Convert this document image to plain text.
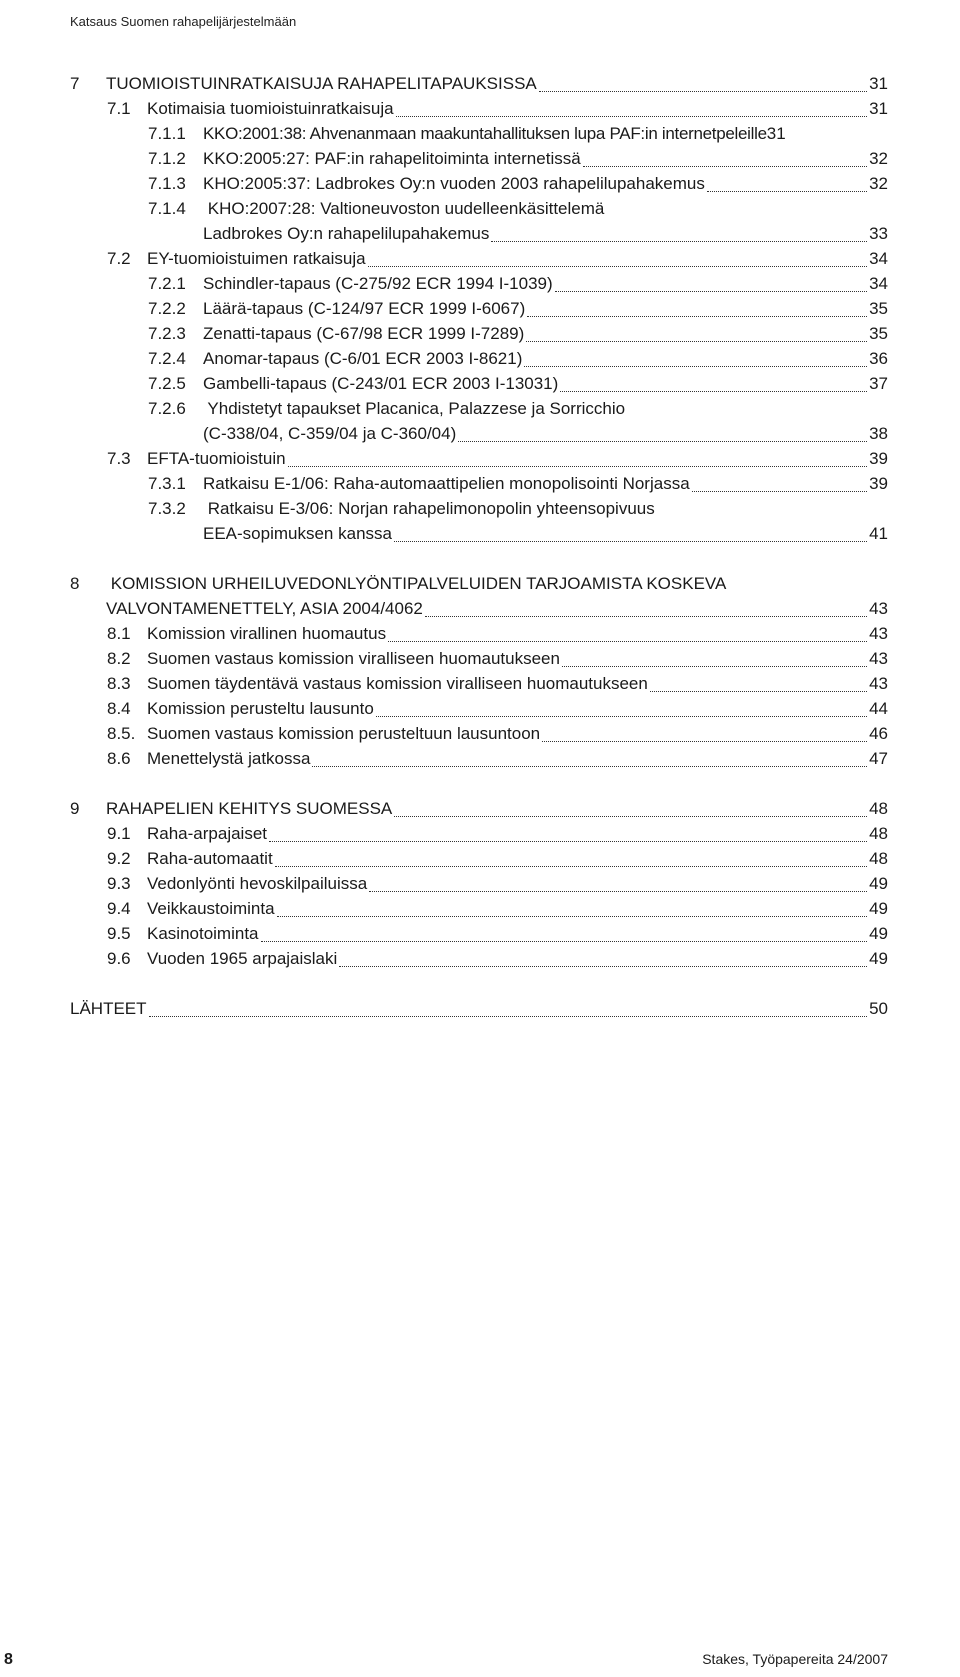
Katsaus Suomen rahapelijärjestelmään
7	TUOMIOISTUINRATKAISUJA RAHAPELITAPAUKSISSA	31
7.1 Kotimaisia tuomioistuinratkaisuja	31
7.1.1	KKO:2001:38: Ahvenanmaan maakuntahallituksen lupa PAF:in internetpeleille 31
7.1.2	KKO:2005:27: PAF:in rahapelitoiminta internetissä	32
7.1.3	KHO:2005:37: Ladbrokes Oy:n vuoden 2003 rahapelilupahakemus	32
7.1.4 KHO:2007:28: Valtioneuvoston uudelleenkäsittelemä
Ladbrokes Oy:n rahapelilupahakemus	33
7.2 EY-tuomioistuimen ratkaisuja	34
7.2.1	Schindler-tapaus (C-275/92 ECR 1994 I-1039)	34
7.2.2	Läärä-tapaus (C-124/97 ECR 1999 I-6067)	35
7.2.3	Zenatti-tapaus (C-67/98 ECR 1999 I-7289)	35
7.2.4	Anomar-tapaus (C-6/01 ECR 2003 I-8621)	36
7.2.5	Gambelli-tapaus (C-243/01 ECR 2003 I-13031)	37
7.2.6 Yhdistetyt tapaukset Placanica, Palazzese ja Sorricchio
(C-338/04, C-359/04 ja C-360/04)	38
7.3 EFTA-tuomioistuin	39
7.3.1	Ratkaisu E-1/06: Raha-automaattipelien monopolisointi Norjassa	39
7.3.2 Ratkaisu E-3/06: Norjan rahapelimonopolin yhteensopivuus
EEA-sopimuksen kanssa	41
8 KOMISSION URHEILUVEDONLYÖNTIPALVELUIDEN TARJOAMISTA KOSKEVA
VALVONTAMENETTELY, ASIA 2004/4062	43
8.1 Komission virallinen huomautus	43
8.2 Suomen vastaus komission viralliseen huomautukseen	43
8.3 Suomen täydentävä vastaus komission viralliseen huomautukseen	43
8.4 Komission perusteltu lausunto	44
8.5. Suomen vastaus komission perusteltuun lausuntoon	46
8.6 Menettelystä jatkossa	47
9	RAHAPELIEN KEHITYS SUOMESSA	48
9.1 Raha-arpajaiset	48
9.2 Raha-automaatit	48
9.3 Vedonlyönti hevoskilpailuissa	49
9.4 Veikkaustoiminta	49
9.5 Kasinotoiminta	49
9.6 Vuoden 1965 arpajaislaki	49
LÄHTEET	50
8	Stakes, Työpapereita 24/2007
